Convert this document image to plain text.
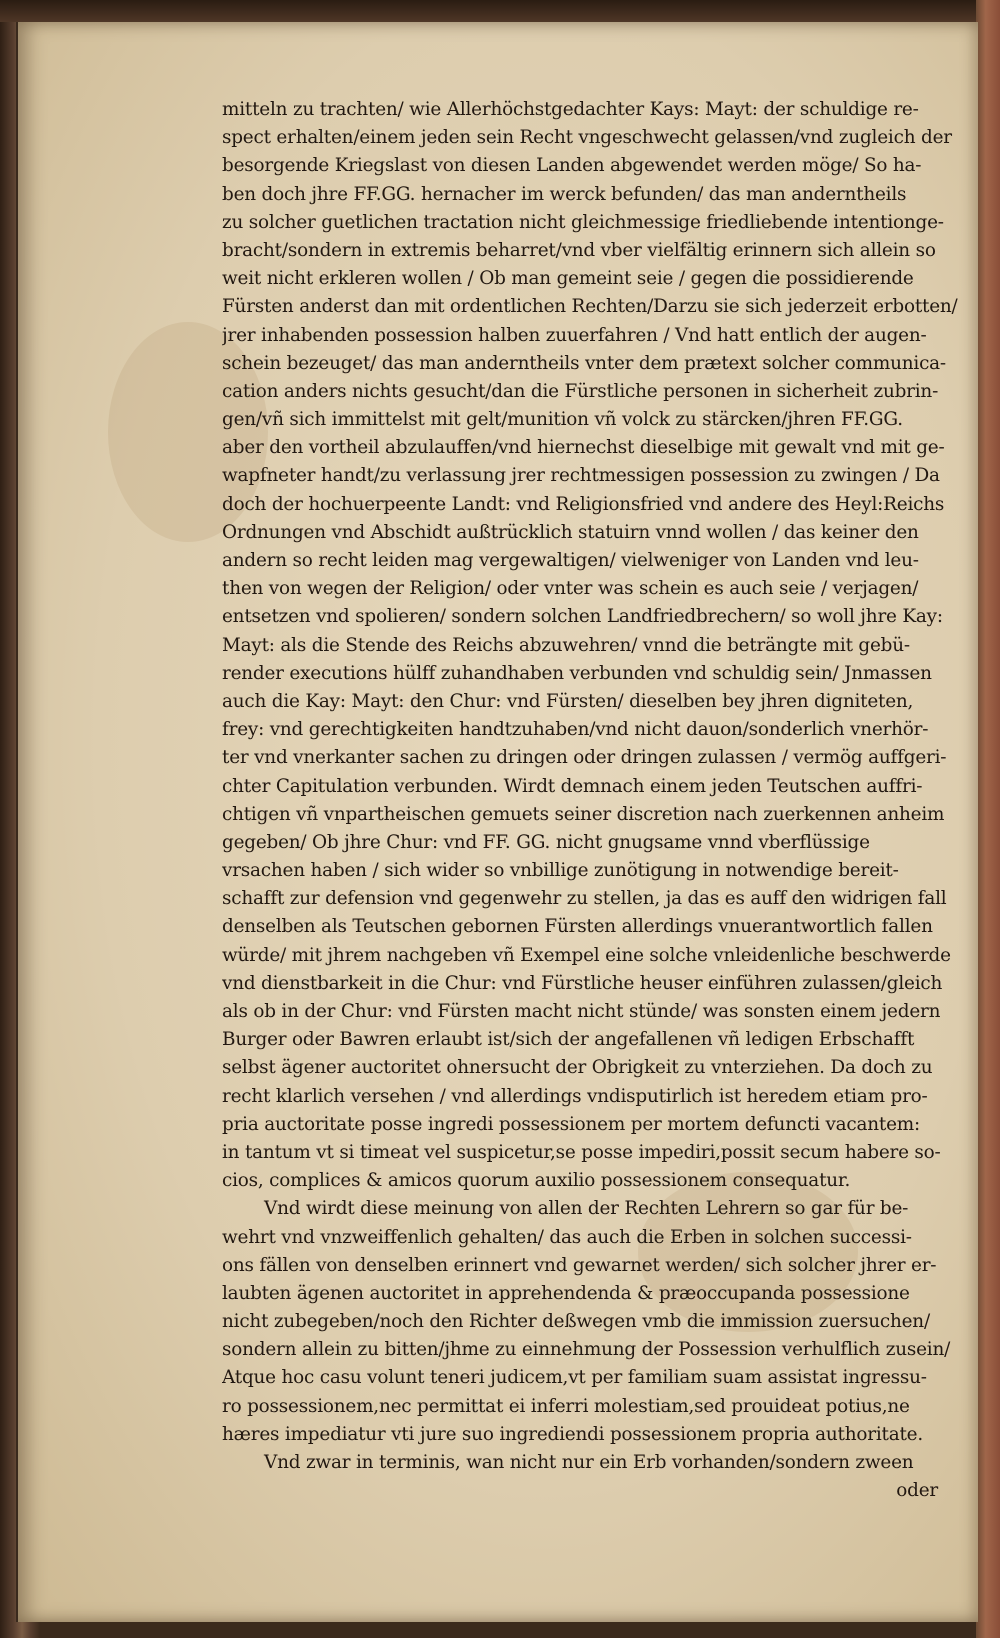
mitteln zu trachten/ wie Allerhöchstgedachter Kays: Mayt: der schuldige re-
spect erhalten/einem jeden sein Recht vngeschwecht gelassen/vnd zugleich der
besorgende Kriegslast von diesen Landen abgewendet werden möge/ So ha-
ben doch jhre FF.GG. hernacher im werck befunden/ das man anderntheils
zu solcher guetlichen tractation nicht gleichmessige friedliebende intentionge-
bracht/sondern in extremis beharret/vnd vber vielfältig erinnern sich allein so
weit nicht erkleren wollen / Ob man gemeint seie / gegen die possidierende
Fürsten anderst dan mit ordentlichen Rechten/Darzu sie sich jederzeit erbotten/
jrer inhabenden possession halben zuuerfahren / Vnd hatt entlich der augen-
schein bezeuget/ das man anderntheils vnter dem prætext solcher communica-
cation anders nichts gesucht/dan die Fürstliche personen in sicherheit zubrin-
gen/vñ sich immittelst mit gelt/munition vñ volck zu stärcken/jhren FF.GG.
aber den vortheil abzulauffen/vnd hiernechst dieselbige mit gewalt vnd mit ge-
wapfneter handt/zu verlassung jrer rechtmessigen possession zu zwingen / Da
doch der hochuerpeente Landt: vnd Religionsfried vnd andere des Heyl:Reichs
Ordnungen vnd Abschidt außtrücklich statuirn vnnd wollen / das keiner den
andern so recht leiden mag vergewaltigen/ vielweniger von Landen vnd leu-
then von wegen der Religion/ oder vnter was schein es auch seie / verjagen/
entsetzen vnd spolieren/ sondern solchen Landfriedbrechern/ so woll jhre Kay:
Mayt: als die Stende des Reichs abzuwehren/ vnnd die beträngte mit gebü-
render executions hülff zuhandhaben verbunden vnd schuldig sein/ Jnmassen
auch die Kay: Mayt: den Chur: vnd Fürsten/ dieselben bey jhren digniteten,
frey: vnd gerechtigkeiten handtzuhaben/vnd nicht dauon/sonderlich vnerhör-
ter vnd vnerkanter sachen zu dringen oder dringen zulassen / vermög auffgeri-
chter Capitulation verbunden. Wirdt demnach einem jeden Teutschen auffri-
chtigen vñ vnpartheischen gemuets seiner discretion nach zuerkennen anheim
gegeben/ Ob jhre Chur: vnd FF. GG. nicht gnugsame vnnd vberflüssige
vrsachen haben / sich wider so vnbillige zunötigung in notwendige bereit-
schafft zur defension vnd gegenwehr zu stellen, ja das es auff den widrigen fall
denselben als Teutschen gebornen Fürsten allerdings vnuerantwortlich fallen
würde/ mit jhrem nachgeben vñ Exempel eine solche vnleidenliche beschwerde
vnd dienstbarkeit in die Chur: vnd Fürstliche heuser einführen zulassen/gleich
als ob in der Chur: vnd Fürsten macht nicht stünde/ was sonsten einem jedern
Burger oder Bawren erlaubt ist/sich der angefallenen vñ ledigen Erbschafft
selbst ägener auctoritet ohnersucht der Obrigkeit zu vnterziehen. Da doch zu
recht klarlich versehen / vnd allerdings vndisputirlich ist heredem etiam pro-
pria auctoritate posse ingredi possessionem per mortem defuncti vacantem:
in tantum vt si timeat vel suspicetur,se posse impediri,possit secum habere so-
cios, complices & amicos quorum auxilio possessionem consequatur.
Vnd wirdt diese meinung von allen der Rechten Lehrern so gar für be-
wehrt vnd vnzweiffenlich gehalten/ das auch die Erben in solchen successi-
ons fällen von denselben erinnert vnd gewarnet werden/ sich solcher jhrer er-
laubten ägenen auctoritet in apprehendenda & præoccupanda possessione
nicht zubegeben/noch den Richter deßwegen vmb die immission zuersuchen/
sondern allein zu bitten/jhme zu einnehmung der Possession verhulflich zusein/
Atque hoc casu volunt teneri judicem,vt per familiam suam assistat ingressu-
ro possessionem,nec permittat ei inferri molestiam,sed prouideat potius,ne
hæres impediatur vti jure suo ingrediendi possessionem propria authoritate.
Vnd zwar in terminis, wan nicht nur ein Erb vorhanden/sondern zween
oder
